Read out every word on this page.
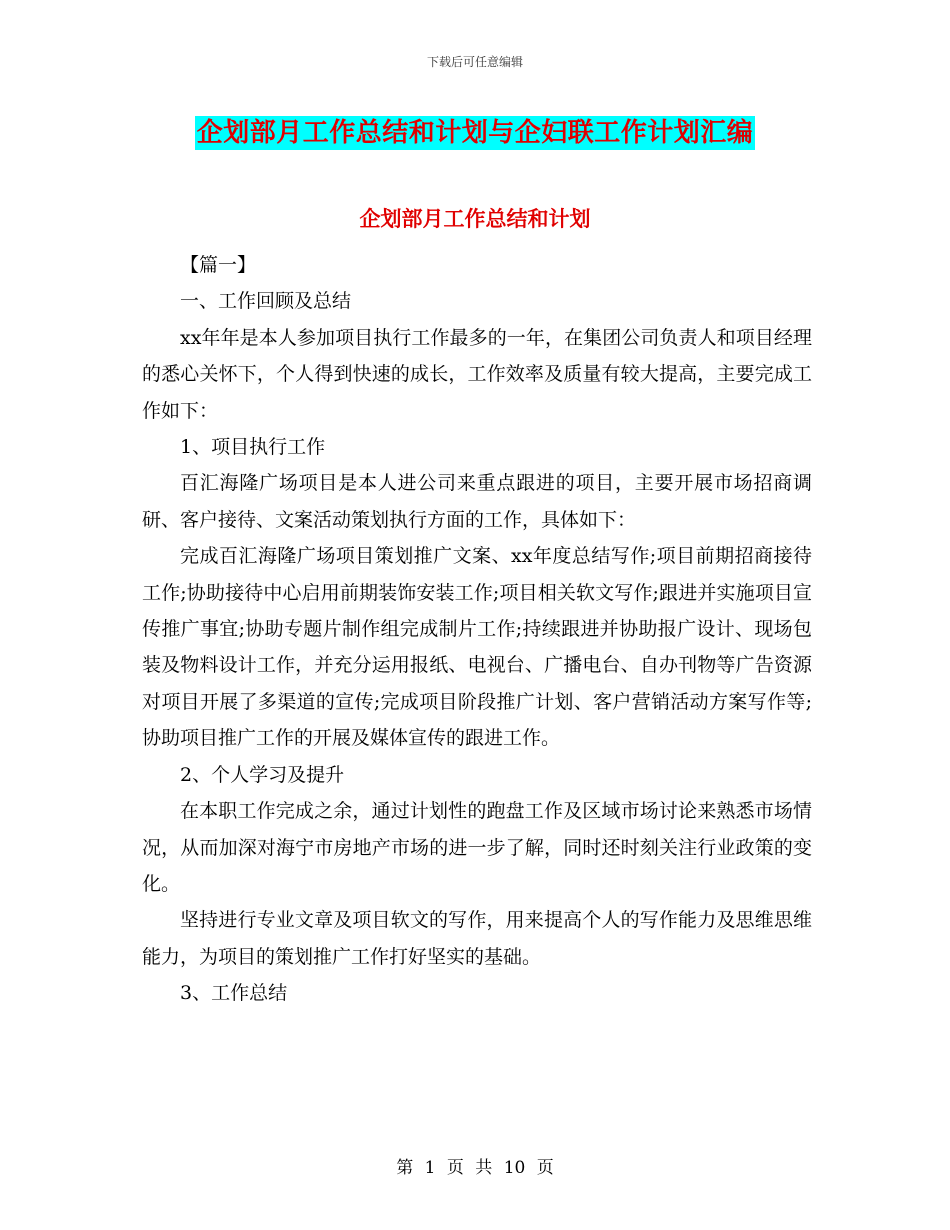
下载后可任意编辑
企划部月工作总结和计划与企妇联工作计划汇编
企划部月工作总结和计划

【篇一】

一、工作回顾及总结

xx年年是本人参加项目执行工作最多的一年，在集团公司负责人和项目经理的悉心关怀下，个人得到快速的成长，工作效率及质量有较大提高，主要完成工作如下：

1、项目执行工作

百汇海隆广场项目是本人进公司来重点跟进的项目，主要开展市场招商调研、客户接待、文案活动策划执行方面的工作，具体如下：

完成百汇海隆广场项目策划推广文案、xx年度总结写作;项目前期招商接待工作;协助接待中心启用前期装饰安装工作;项目相关软文写作;跟进并实施项目宣传推广事宜;协助专题片制作组完成制片工作;持续跟进并协助报广设计、现场包装及物料设计工作，并充分运用报纸、电视台、广播电台、自办刊物等广告资源对项目开展了多渠道的宣传;完成项目阶段推广计划、客户营销活动方案写作等;协助项目推广工作的开展及媒体宣传的跟进工作。

2、个人学习及提升

在本职工作完成之余，通过计划性的跑盘工作及区域市场讨论来熟悉市场情况，从而加深对海宁市房地产市场的进一步了解，同时还时刻关注行业政策的变化。

坚持进行专业文章及项目软文的写作，用来提高个人的写作能力及思维思维能力，为项目的策划推广工作打好坚实的基础。

3、工作总结

第 1 页 共 10 页
